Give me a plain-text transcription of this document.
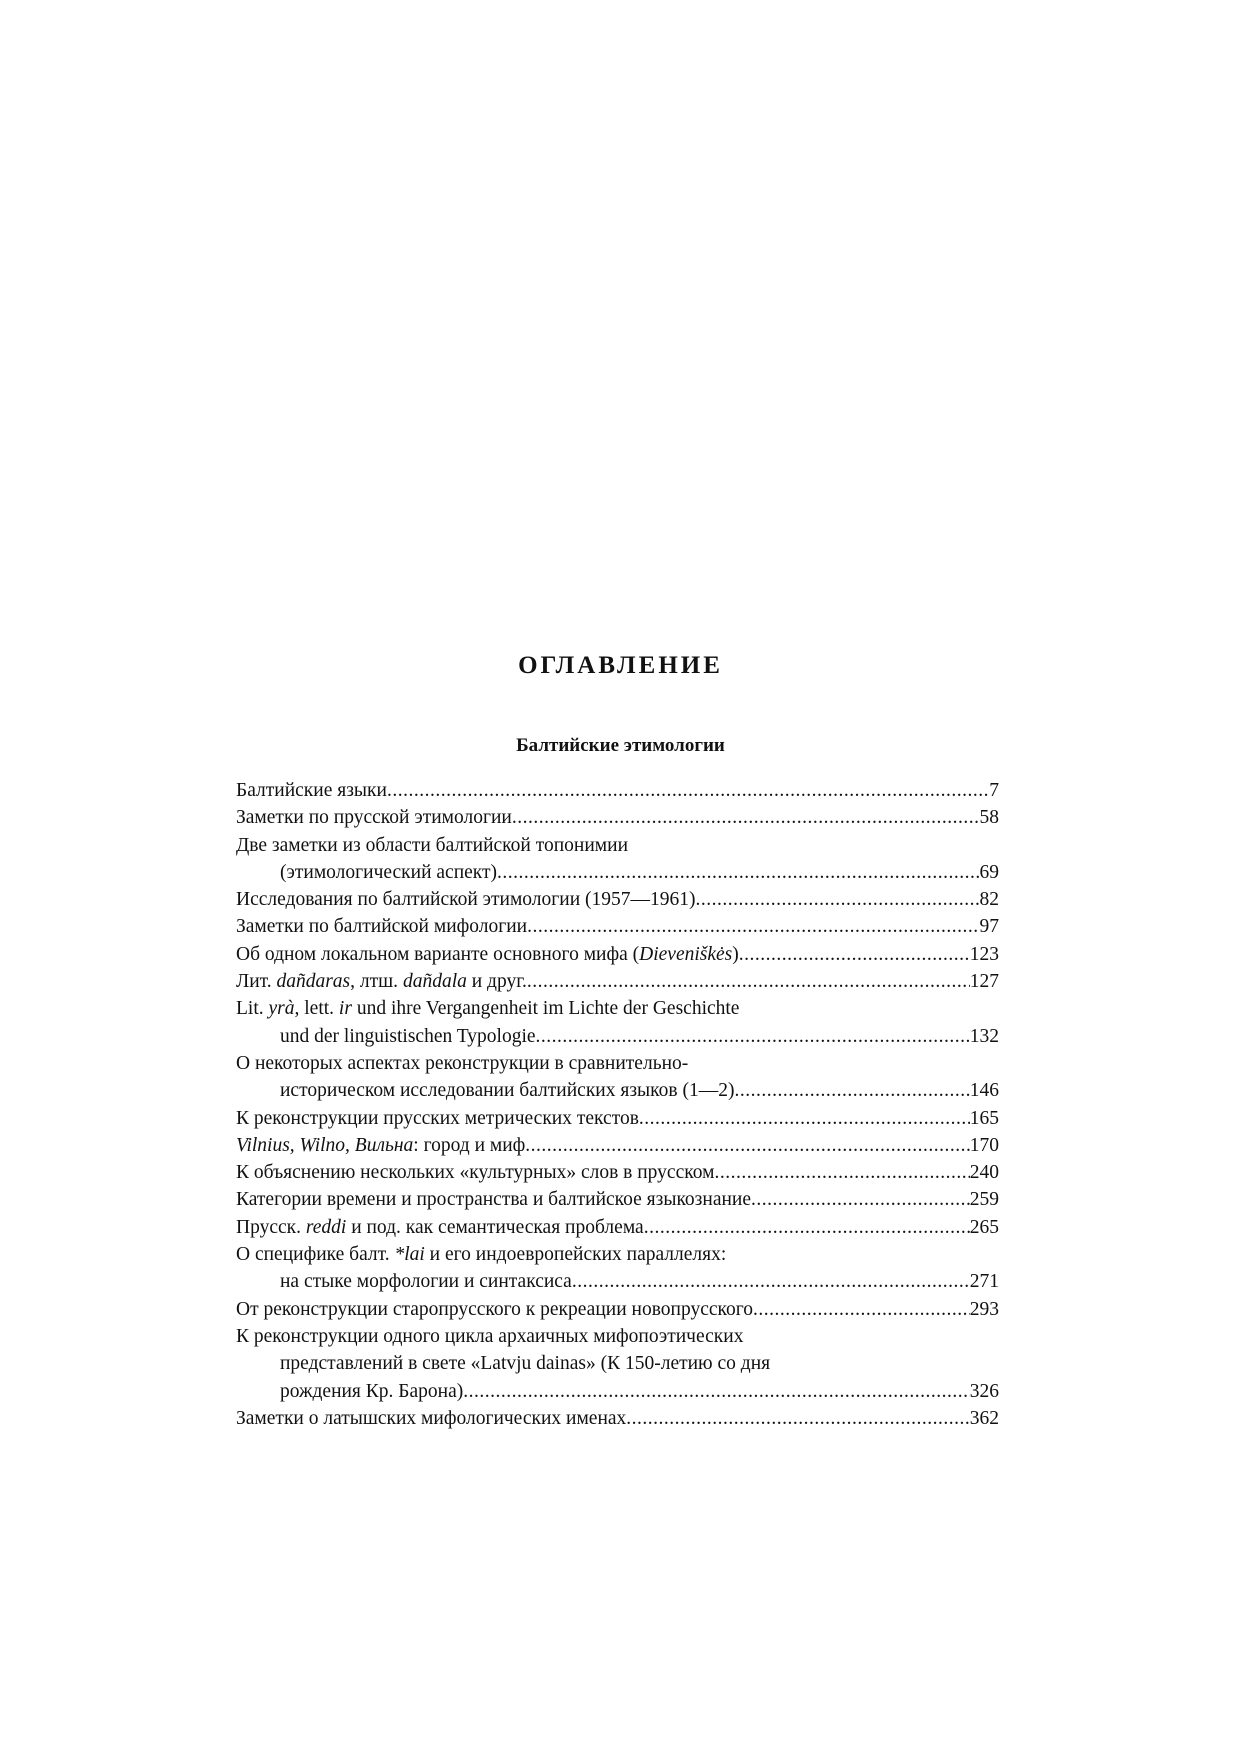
ОГЛАВЛЕНИЕ
Балтийские этимологии
Балтийские языки .....	7
Заметки по прусской этимологии .....	58
Две заметки из области балтийской топонимии
(этимологический аспект) .....	69
Исследования по балтийской этимологии (1957—1961) .....	82
Заметки по балтийской мифологии .....	97
Об одном локальном варианте основного мифа (Dieveniškės) .....	123
Лит. dañdaras, лтш. dañdala и друг. .....	127
Lit. yrà, lett. ir und ihre Vergangenheit im Lichte der Geschichte
und der linguistischen Typologie .....	132
О некоторых аспектах реконструкции в сравнительно-
историческом исследовании балтийских языков (1—2) .....	146
К реконструкции прусских метрических текстов .....	165
Vilnius, Wilno, Вильна: город и миф .....	170
К объяснению нескольких «культурных» слов в прусском .....	240
Категории времени и пространства и балтийское языкознание .....	259
Прусск. reddi и под. как семантическая проблема .....	265
О специфике балт. *lai и его индоевропейских параллелях:
на стыке морфологии и синтаксиса .....	271
От реконструкции старопрусского к рекреации новопрусского .....	293
К реконструкции одного цикла архаичных мифопоэтических
представлений в свете «Latvju dainas» (К 150-летию со дня
рождения Кр. Барона) .....	326
Заметки о латышских мифологических именах .....	362
